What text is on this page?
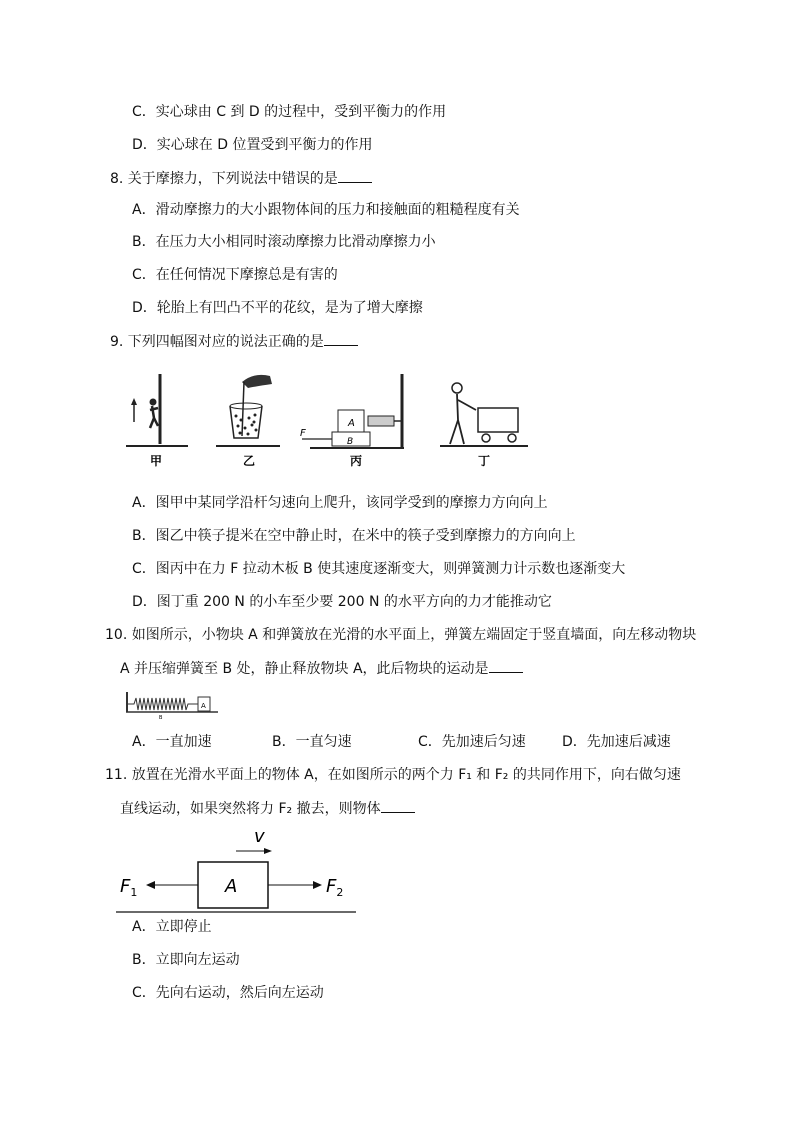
C．实心球由 C 到 D 的过程中，受到平衡力的作用
D．实心球在 D 位置受到平衡力的作用
8. 关于摩擦力，下列说法中错误的是
A．滑动摩擦力的大小跟物体间的压力和接触面的粗糙程度有关
B．在压力大小相同时滚动摩擦力比滑动摩擦力小
C．在任何情况下摩擦总是有害的
D．轮胎上有凹凸不平的花纹，是为了增大摩擦
9. 下列四幅图对应的说法正确的是
甲	乙
F
A
B
丙	丁
A．图甲中某同学沿杆匀速向上爬升，该同学受到的摩擦力方向向上
B．图乙中筷子提米在空中静止时，在米中的筷子受到摩擦力的方向向上
C．图丙中在力 F 拉动木板 B 使其速度逐渐变大，则弹簧测力计示数也逐渐变大
D．图丁重 200 N 的小车至少要 200 N 的水平方向的力才能推动它
10. 如图所示，小物块 A 和弹簧放在光滑的水平面上，弹簧左端固定于竖直墙面，向左移动物块
A 并压缩弹簧至 B 处，静止释放物块 A，此后物块的运动是
A
B
A．一直加速	B．一直匀速	C．先加速后匀速	D．先加速后减速
11. 放置在光滑水平面上的物体 A，在如图所示的两个力 F₁ 和 F₂ 的共同作用下，向右做匀速
直线运动，如果突然将力 F₂ 撤去，则物体
v
A
$F_1$	$F_2$
A．立即停止
B．立即向左运动
C．先向右运动，然后向左运动
